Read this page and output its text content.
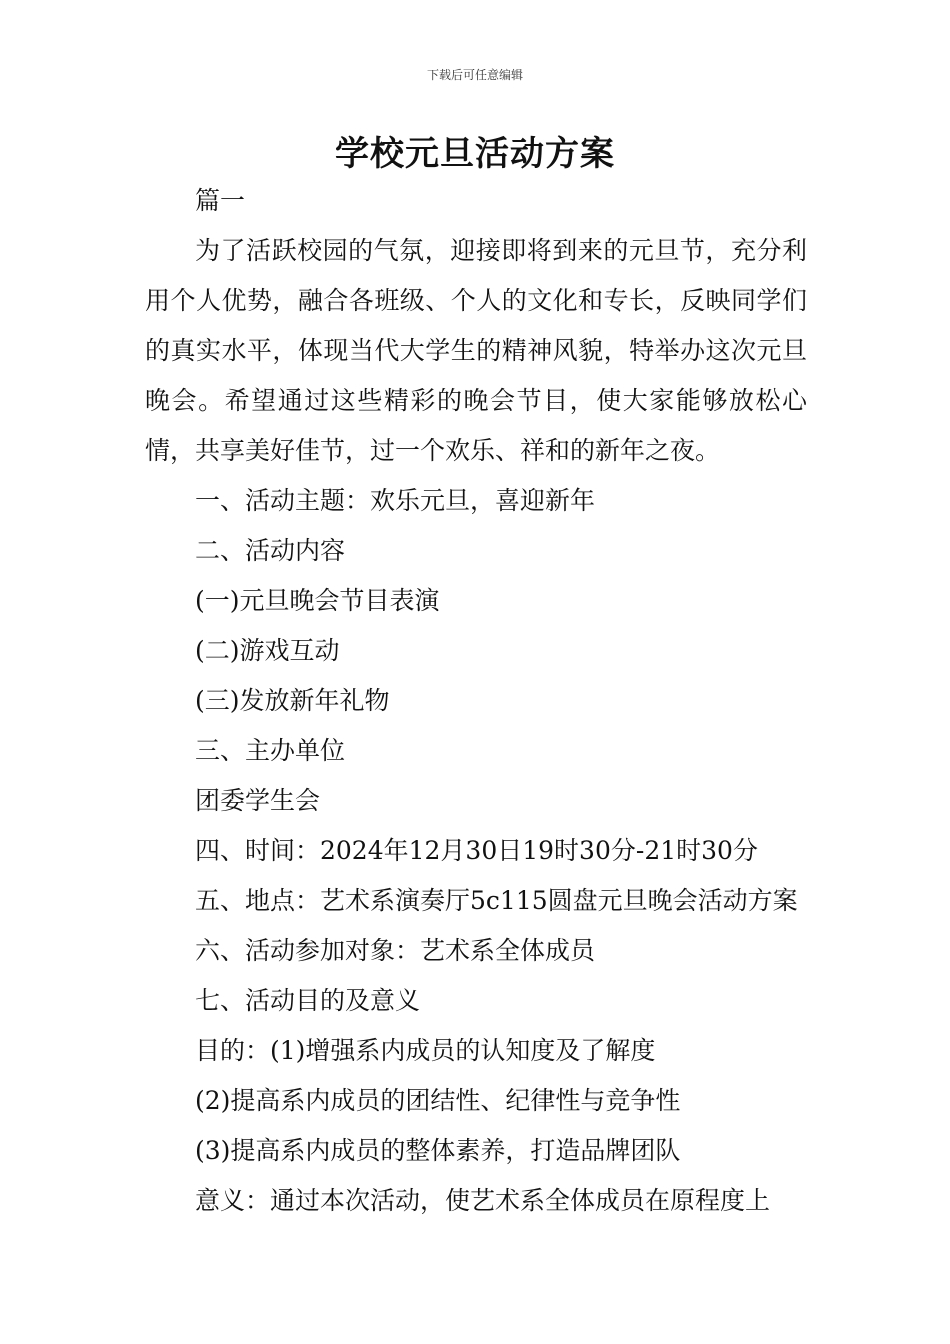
下载后可任意编辑
学校元旦活动方案

篇一

为了活跃校园的气氛，迎接即将到来的元旦节，充分利用个人优势，融合各班级、个人的文化和专长，反映同学们的真实水平，体现当代大学生的精神风貌，特举办这次元旦晚会。希望通过这些精彩的晚会节目，使大家能够放松心情，共享美好佳节，过一个欢乐、祥和的新年之夜。

一、活动主题：欢乐元旦，喜迎新年

二、活动内容

(一)元旦晚会节目表演

(二)游戏互动

(三)发放新年礼物

三、主办单位

团委学生会

四、时间：2024年12月30日19时30分-21时30分

五、地点：艺术系演奏厅5c115圆盘元旦晚会活动方案

六、活动参加对象：艺术系全体成员

七、活动目的及意义

目的：(1)增强系内成员的认知度及了解度

(2)提高系内成员的团结性、纪律性与竞争性

(3)提高系内成员的整体素养，打造品牌团队

意义：通过本次活动，使艺术系全体成员在原程度上
